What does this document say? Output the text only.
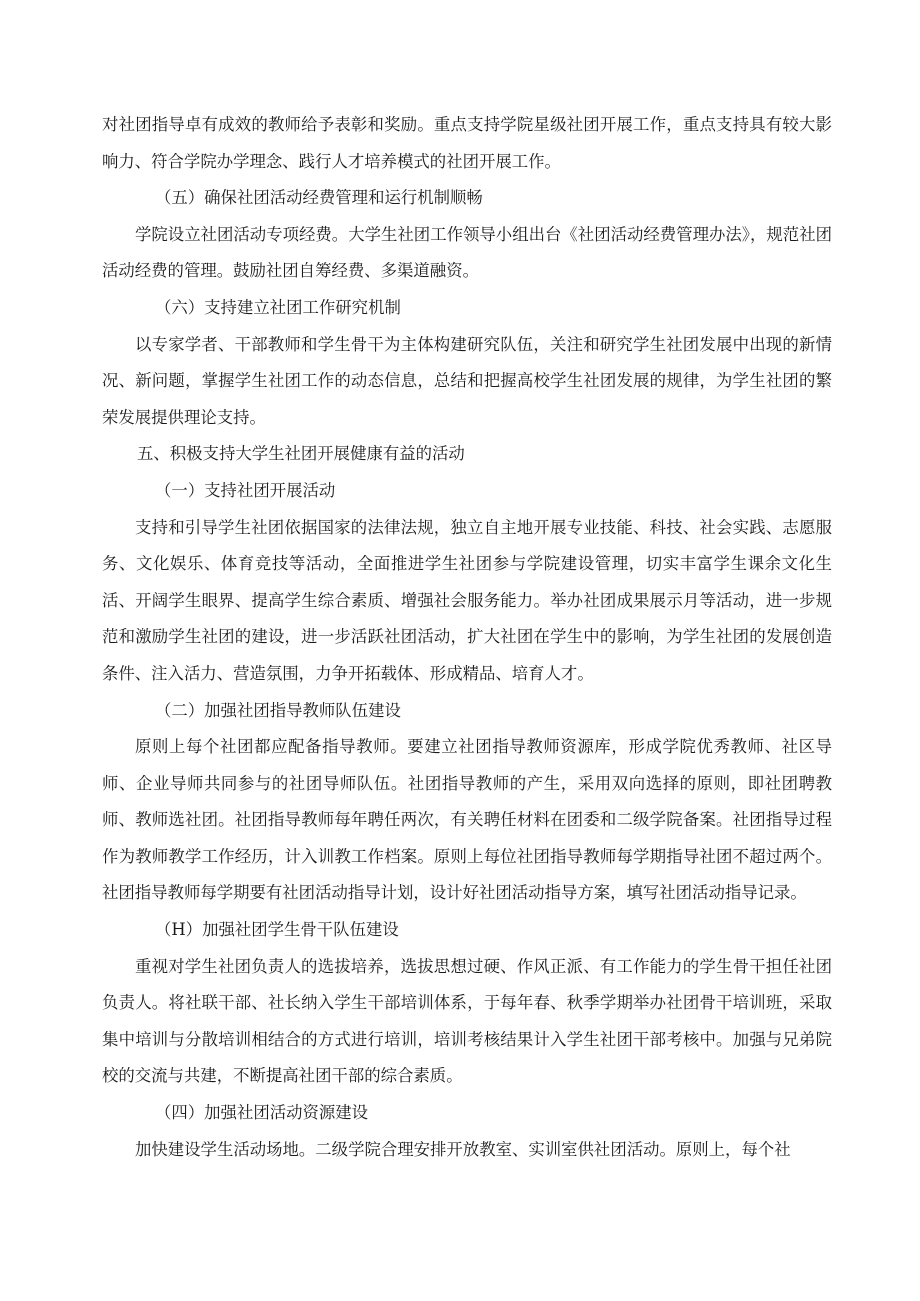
对社团指导卓有成效的教师给予表彰和奖励。重点支持学院星级社团开展工作，重点支持具有较大影响力、符合学院办学理念、践行人才培养模式的社团开展工作。

（五）确保社团活动经费管理和运行机制顺畅

学院设立社团活动专项经费。大学生社团工作领导小组出台《社团活动经费管理办法》，规范社团活动经费的管理。鼓励社团自筹经费、多渠道融资。

（六）支持建立社团工作研究机制

以专家学者、干部教师和学生骨干为主体构建研究队伍，关注和研究学生社团发展中出现的新情况、新问题，掌握学生社团工作的动态信息，总结和把握高校学生社团发展的规律，为学生社团的繁荣发展提供理论支持。

五、积极支持大学生社团开展健康有益的活动

（一）支持社团开展活动

支持和引导学生社团依据国家的法律法规，独立自主地开展专业技能、科技、社会实践、志愿服务、文化娱乐、体育竞技等活动，全面推进学生社团参与学院建设管理，切实丰富学生课余文化生活、开阔学生眼界、提高学生综合素质、增强社会服务能力。举办社团成果展示月等活动，进一步规范和激励学生社团的建设，进一步活跃社团活动，扩大社团在学生中的影响，为学生社团的发展创造条件、注入活力、营造氛围，力争开拓载体、形成精品、培育人才。

（二）加强社团指导教师队伍建设

原则上每个社团都应配备指导教师。要建立社团指导教师资源库，形成学院优秀教师、社区导师、企业导师共同参与的社团导师队伍。社团指导教师的产生，采用双向选择的原则，即社团聘教师、教师选社团。社团指导教师每年聘任两次，有关聘任材料在团委和二级学院备案。社团指导过程作为教师教学工作经历，计入训教工作档案。原则上每位社团指导教师每学期指导社团不超过两个。社团指导教师每学期要有社团活动指导计划，设计好社团活动指导方案，填写社团活动指导记录。

（H）加强社团学生骨干队伍建设

重视对学生社团负责人的选拔培养，选拔思想过硬、作风正派、有工作能力的学生骨干担任社团负责人。将社联干部、社长纳入学生干部培训体系，于每年春、秋季学期举办社团骨干培训班，采取集中培训与分散培训相结合的方式进行培训，培训考核结果计入学生社团干部考核中。加强与兄弟院校的交流与共建，不断提高社团干部的综合素质。

（四）加强社团活动资源建设

加快建设学生活动场地。二级学院合理安排开放教室、实训室供社团活动。原则上，每个社
